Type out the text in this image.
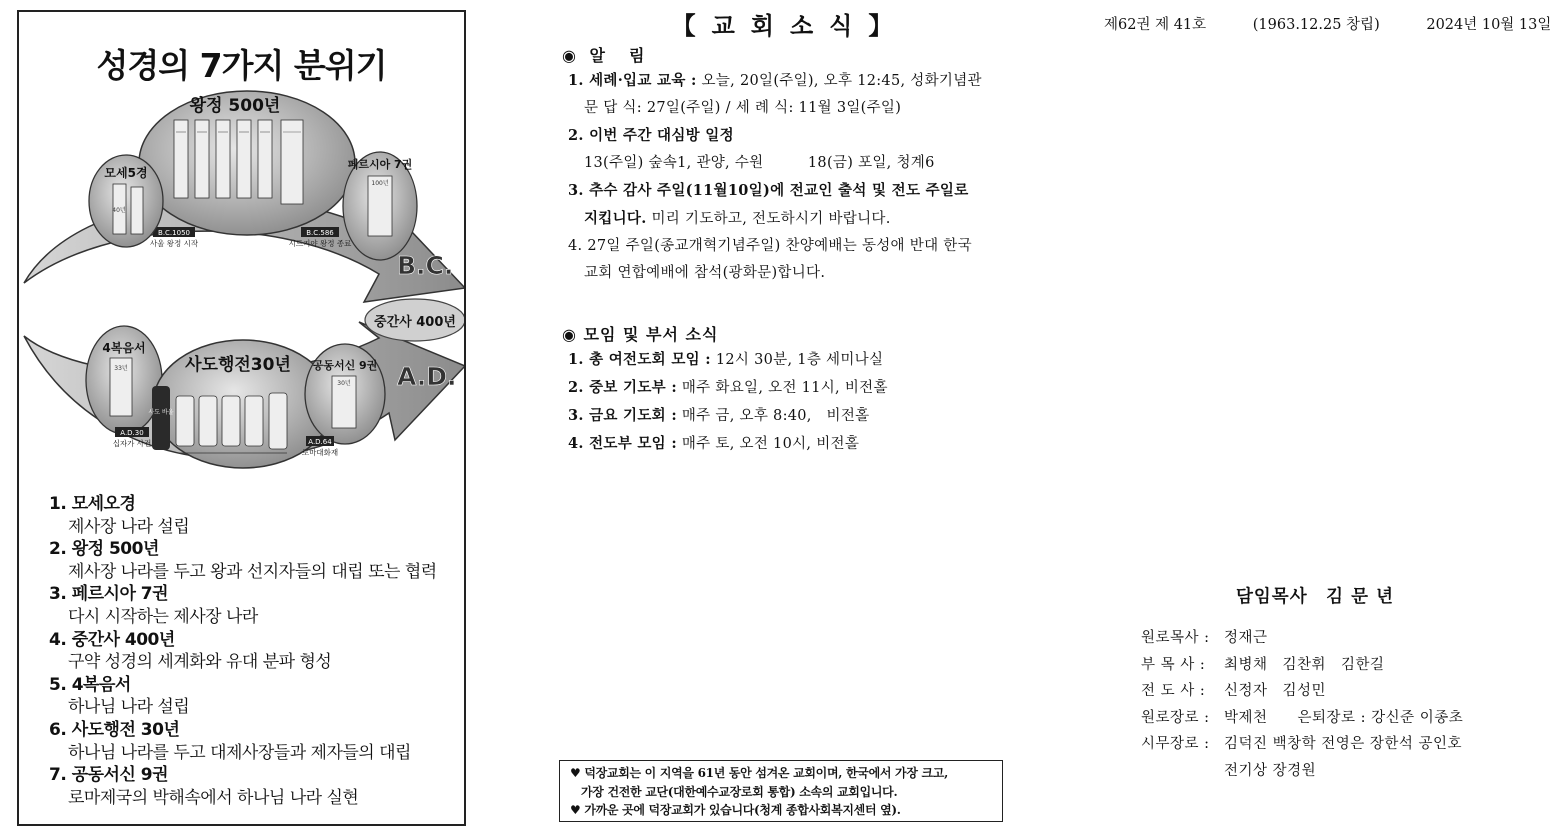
성경의 7가지 분위기
B.C.
A.D.
중간사 400년
왕정 500년
B.C.1050
사울 왕정 시작
B.C.586
시드기야 왕정 종료
모세5경
40년
페르시아 7권
100년
4복음서
33년
A.D.30
십자가 사건
사도행전30년
사도 바울
공동서신 9권
30년
A.D.64
로마대화재
1. 모세오경
제사장 나라 설립
2. 왕정 500년
제사장 나라를 두고 왕과 선지자들의 대립 또는 협력
3. 페르시아 7권
다시 시작하는 제사장 나라
4. 중간사 400년
구약 성경의 세계화와 유대 분파 형성
5. 4복음서
하나님 나라 설립
6. 사도행전 30년
하나님 나라를 두고 대제사장들과 제자들의 대립
7. 공동서신 9권
로마제국의 박해속에서 하나님 나라 실현
제62권 제 41호	(1963.12.25 창립)	2024년 10월 13일
【교회소식】
◉ 알　림
1. 세례·입교 교육 : 오늘, 20일(주일), 오후 12:45, 성화기념관
문 답 식: 27일(주일) / 세 례 식: 11월 3일(주일)
2. 이번 주간 대심방 일정
13(주일) 숲속1, 관양, 수원　　　18(금) 포일, 청계6
3. 추수 감사 주일(11월10일)에 전교인 출석 및 전도 주일로
지킵니다. 미리 기도하고, 전도하시기 바랍니다.
4. 27일 주일(종교개혁기념주일) 찬양예배는 동성애 반대 한국
교회 연합예배에 참석(광화문)합니다.
◉ 모임 및 부서 소식
1. 총 여전도회 모임 : 12시 30분, 1층 세미나실
2. 중보 기도부 : 매주 화요일, 오전 11시, 비전홀
3. 금요 기도회 : 매주 금, 오후 8:40,　비전홀
4. 전도부 모임 : 매주 토, 오전 10시, 비전홀
♥ 덕장교회는 이 지역을 61년 동안 섬겨온 교회이며, 한국에서 가장 크고,
가장 건전한 교단(대한예수교장로회 통합) 소속의 교회입니다.
♥ 가까운 곳에 덕장교회가 있습니다(청계 종합사회복지센터 옆).
담임목사　김 문 년
원로목사 : 정재근
부 목 사 : 최병채　김찬휘　김한길
전 도 사 : 신정자　김성민
원로장로 : 박제천　　은퇴장로 : 강신준 이종초
시무장로 : 김덕진 백창학 전영은 장한석 공인호
전기상 장경원
